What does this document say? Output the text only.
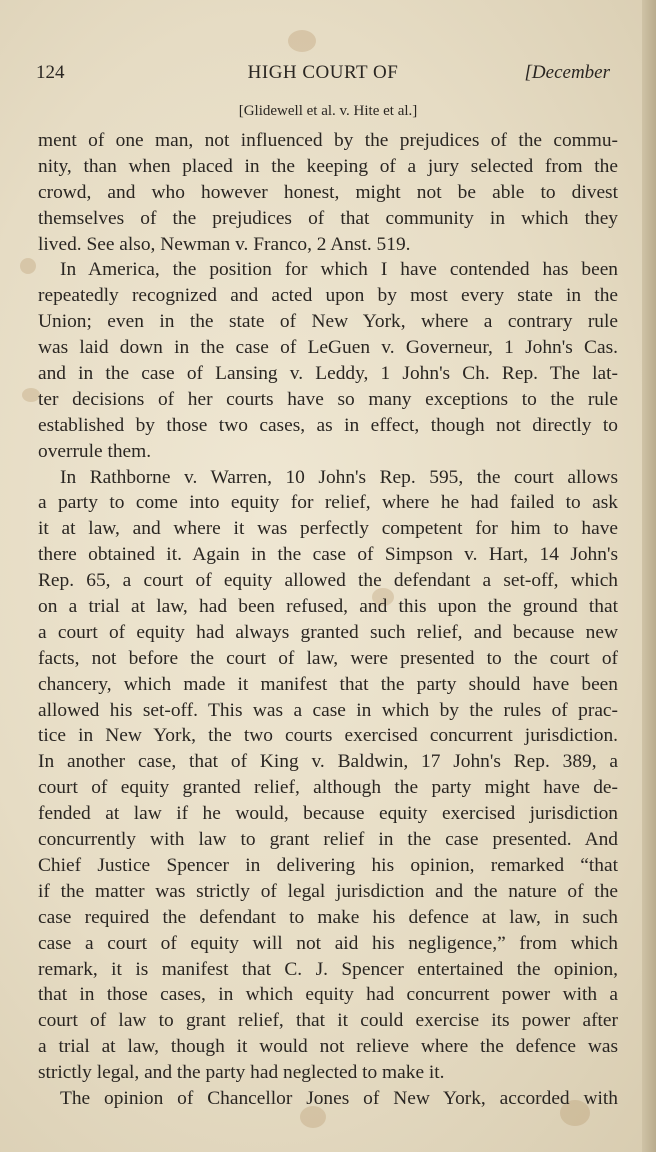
124	HIGH COURT OF	[December
[Glidewell et al. v. Hite et al.]
ment of one man, not influenced by the prejudices of the commu-
nity, than when placed in the keeping of a jury selected from the
crowd, and who however honest, might not be able to divest
themselves of the prejudices of that community in which they
lived. See also, Newman v. Franco, 2 Anst. 519.
In America, the position for which I have contended has been
repeatedly recognized and acted upon by most every state in the
Union; even in the state of New York, where a contrary rule
was laid down in the case of LeGuen v. Governeur, 1 John's Cas.
and in the case of Lansing v. Leddy, 1 John's Ch. Rep. The lat-
ter decisions of her courts have so many exceptions to the rule
established by those two cases, as in effect, though not directly to
overrule them.
In Rathborne v. Warren, 10 John's Rep. 595, the court allows
a party to come into equity for relief, where he had failed to ask
it at law, and where it was perfectly competent for him to have
there obtained it. Again in the case of Simpson v. Hart, 14 John's
Rep. 65, a court of equity allowed the defendant a set-off, which
on a trial at law, had been refused, and this upon the ground that
a court of equity had always granted such relief, and because new
facts, not before the court of law, were presented to the court of
chancery, which made it manifest that the party should have been
allowed his set-off. This was a case in which by the rules of prac-
tice in New York, the two courts exercised concurrent jurisdiction.
In another case, that of King v. Baldwin, 17 John's Rep. 389, a
court of equity granted relief, although the party might have de-
fended at law if he would, because equity exercised jurisdiction
concurrently with law to grant relief in the case presented. And
Chief Justice Spencer in delivering his opinion, remarked “that
if the matter was strictly of legal jurisdiction and the nature of the
case required the defendant to make his defence at law, in such
case a court of equity will not aid his negligence,” from which
remark, it is manifest that C. J. Spencer entertained the opinion,
that in those cases, in which equity had concurrent power with a
court of law to grant relief, that it could exercise its power after
a trial at law, though it would not relieve where the defence was
strictly legal, and the party had neglected to make it.
The opinion of Chancellor Jones of New York, accorded with
